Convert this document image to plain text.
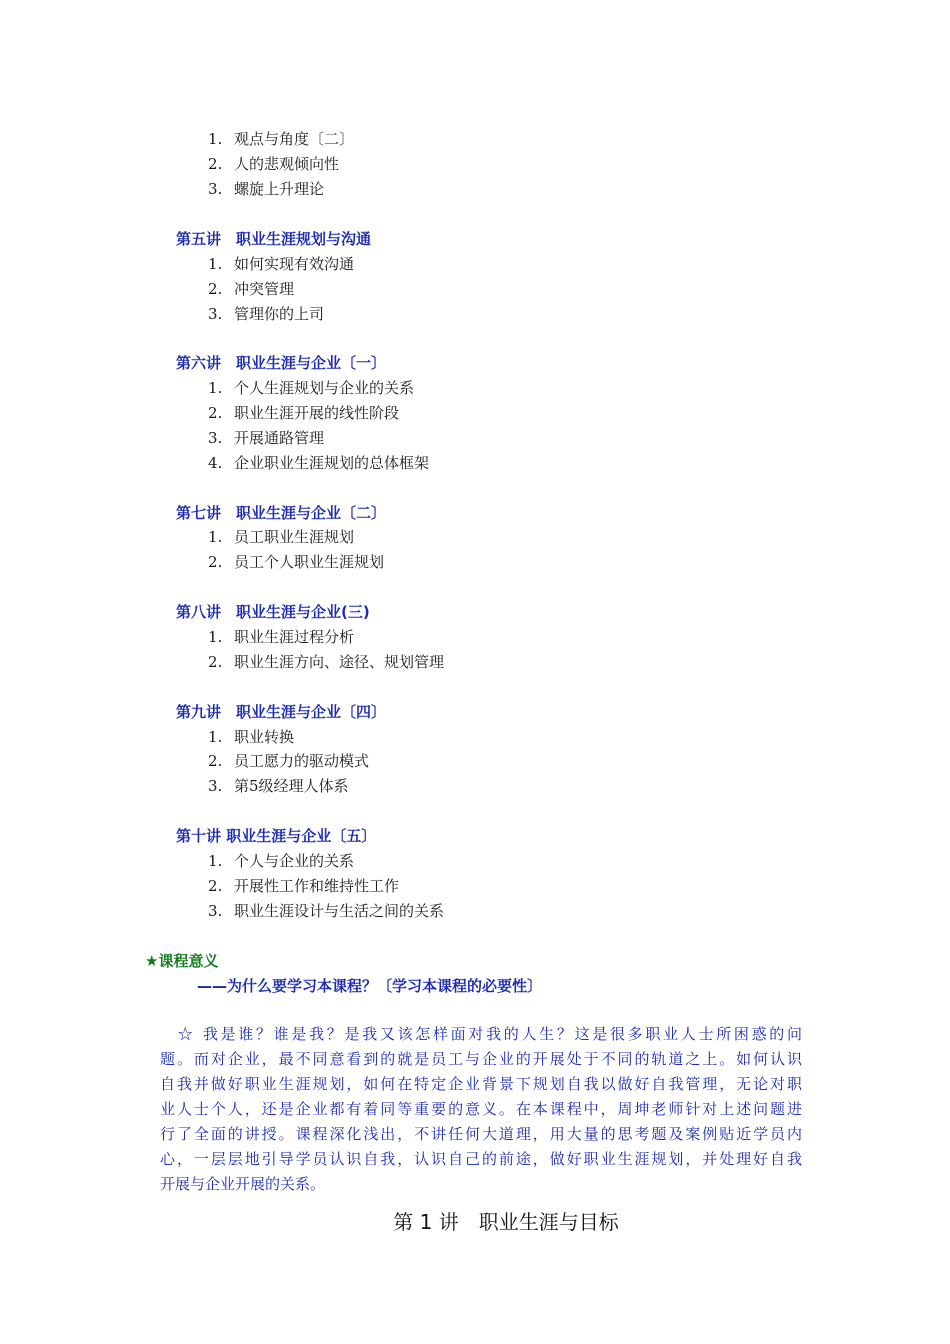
1. 观点与角度〔二〕
2. 人的悲观倾向性
3. 螺旋上升理论
第五讲　职业生涯规划与沟通
1. 如何实现有效沟通
2. 冲突管理
3. 管理你的上司
第六讲　职业生涯与企业〔一〕
1. 个人生涯规划与企业的关系
2. 职业生涯开展的线性阶段
3. 开展通路管理
4. 企业职业生涯规划的总体框架
第七讲　职业生涯与企业〔二〕
1. 员工职业生涯规划
2. 员工个人职业生涯规划
第八讲　职业生涯与企业(三)
1. 职业生涯过程分析
2. 职业生涯方向、途径、规划管理
第九讲　职业生涯与企业〔四〕
1. 职业转换
2. 员工愿力的驱动模式
3. 第5级经理人体系
第十讲 职业生涯与企业〔五〕
1. 个人与企业的关系
2. 开展性工作和维持性工作
3. 职业生涯设计与生活之间的关系
★课程意义
——为什么要学习本课程？〔学习本课程的必要性〕
　☆ 我是谁？谁是我？是我又该怎样面对我的人生？这是很多职业人士所困惑的问
题。而对企业，最不同意看到的就是员工与企业的开展处于不同的轨道之上。如何认识
自我并做好职业生涯规划，如何在特定企业背景下规划自我以做好自我管理，无论对职
业人士个人，还是企业都有着同等重要的意义。在本课程中，周坤老师针对上述问题进
行了全面的讲授。课程深化浅出，不讲任何大道理，用大量的思考题及案例贴近学员内
心，一层层地引导学员认识自我，认识自己的前途，做好职业生涯规划，并处理好自我
开展与企业开展的关系。
第 1 讲　职业生涯与目标
